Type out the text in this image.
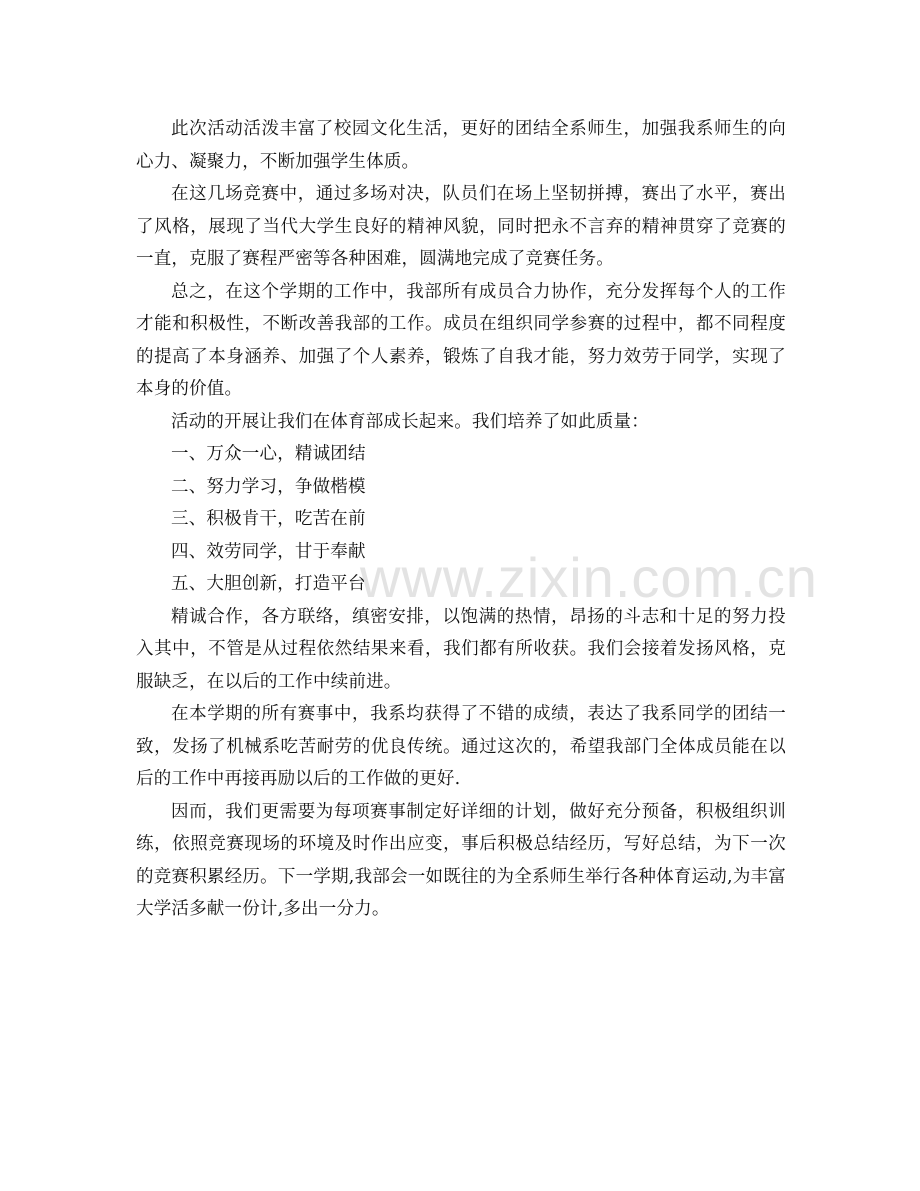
www.zixin.com.cn

此次活动活泼丰富了校园文化生活，更好的团结全系师生，加强我系师生的向心力、凝聚力，不断加强学生体质。

在这几场竞赛中，通过多场对决，队员们在场上坚韧拼搏，赛出了水平，赛出了风格，展现了当代大学生良好的精神风貌，同时把永不言弃的精神贯穿了竞赛的一直，克服了赛程严密等各种困难，圆满地完成了竞赛任务。

总之，在这个学期的工作中，我部所有成员合力协作，充分发挥每个人的工作才能和积极性，不断改善我部的工作。成员在组织同学参赛的过程中，都不同程度的提高了本身涵养、加强了个人素养，锻炼了自我才能，努力效劳于同学，实现了本身的价值。

活动的开展让我们在体育部成长起来。我们培养了如此质量：

一、万众一心，精诚团结

二、努力学习，争做楷模

三、积极肯干，吃苦在前

四、效劳同学，甘于奉献

五、大胆创新，打造平台

精诚合作，各方联络，缜密安排，以饱满的热情，昂扬的斗志和十足的努力投入其中，不管是从过程依然结果来看，我们都有所收获。我们会接着发扬风格，克服缺乏，在以后的工作中续前进。

在本学期的所有赛事中，我系均获得了不错的成绩，表达了我系同学的团结一致，发扬了机械系吃苦耐劳的优良传统。通过这次的，希望我部门全体成员能在以后的工作中再接再励以后的工作做的更好.

因而，我们更需要为每项赛事制定好详细的计划，做好充分预备，积极组织训练，依照竞赛现场的环境及时作出应变，事后积极总结经历，写好总结，为下一次的竞赛积累经历。下一学期,我部会一如既往的为全系师生举行各种体育运动,为丰富大学活多献一份计,多出一分力。
